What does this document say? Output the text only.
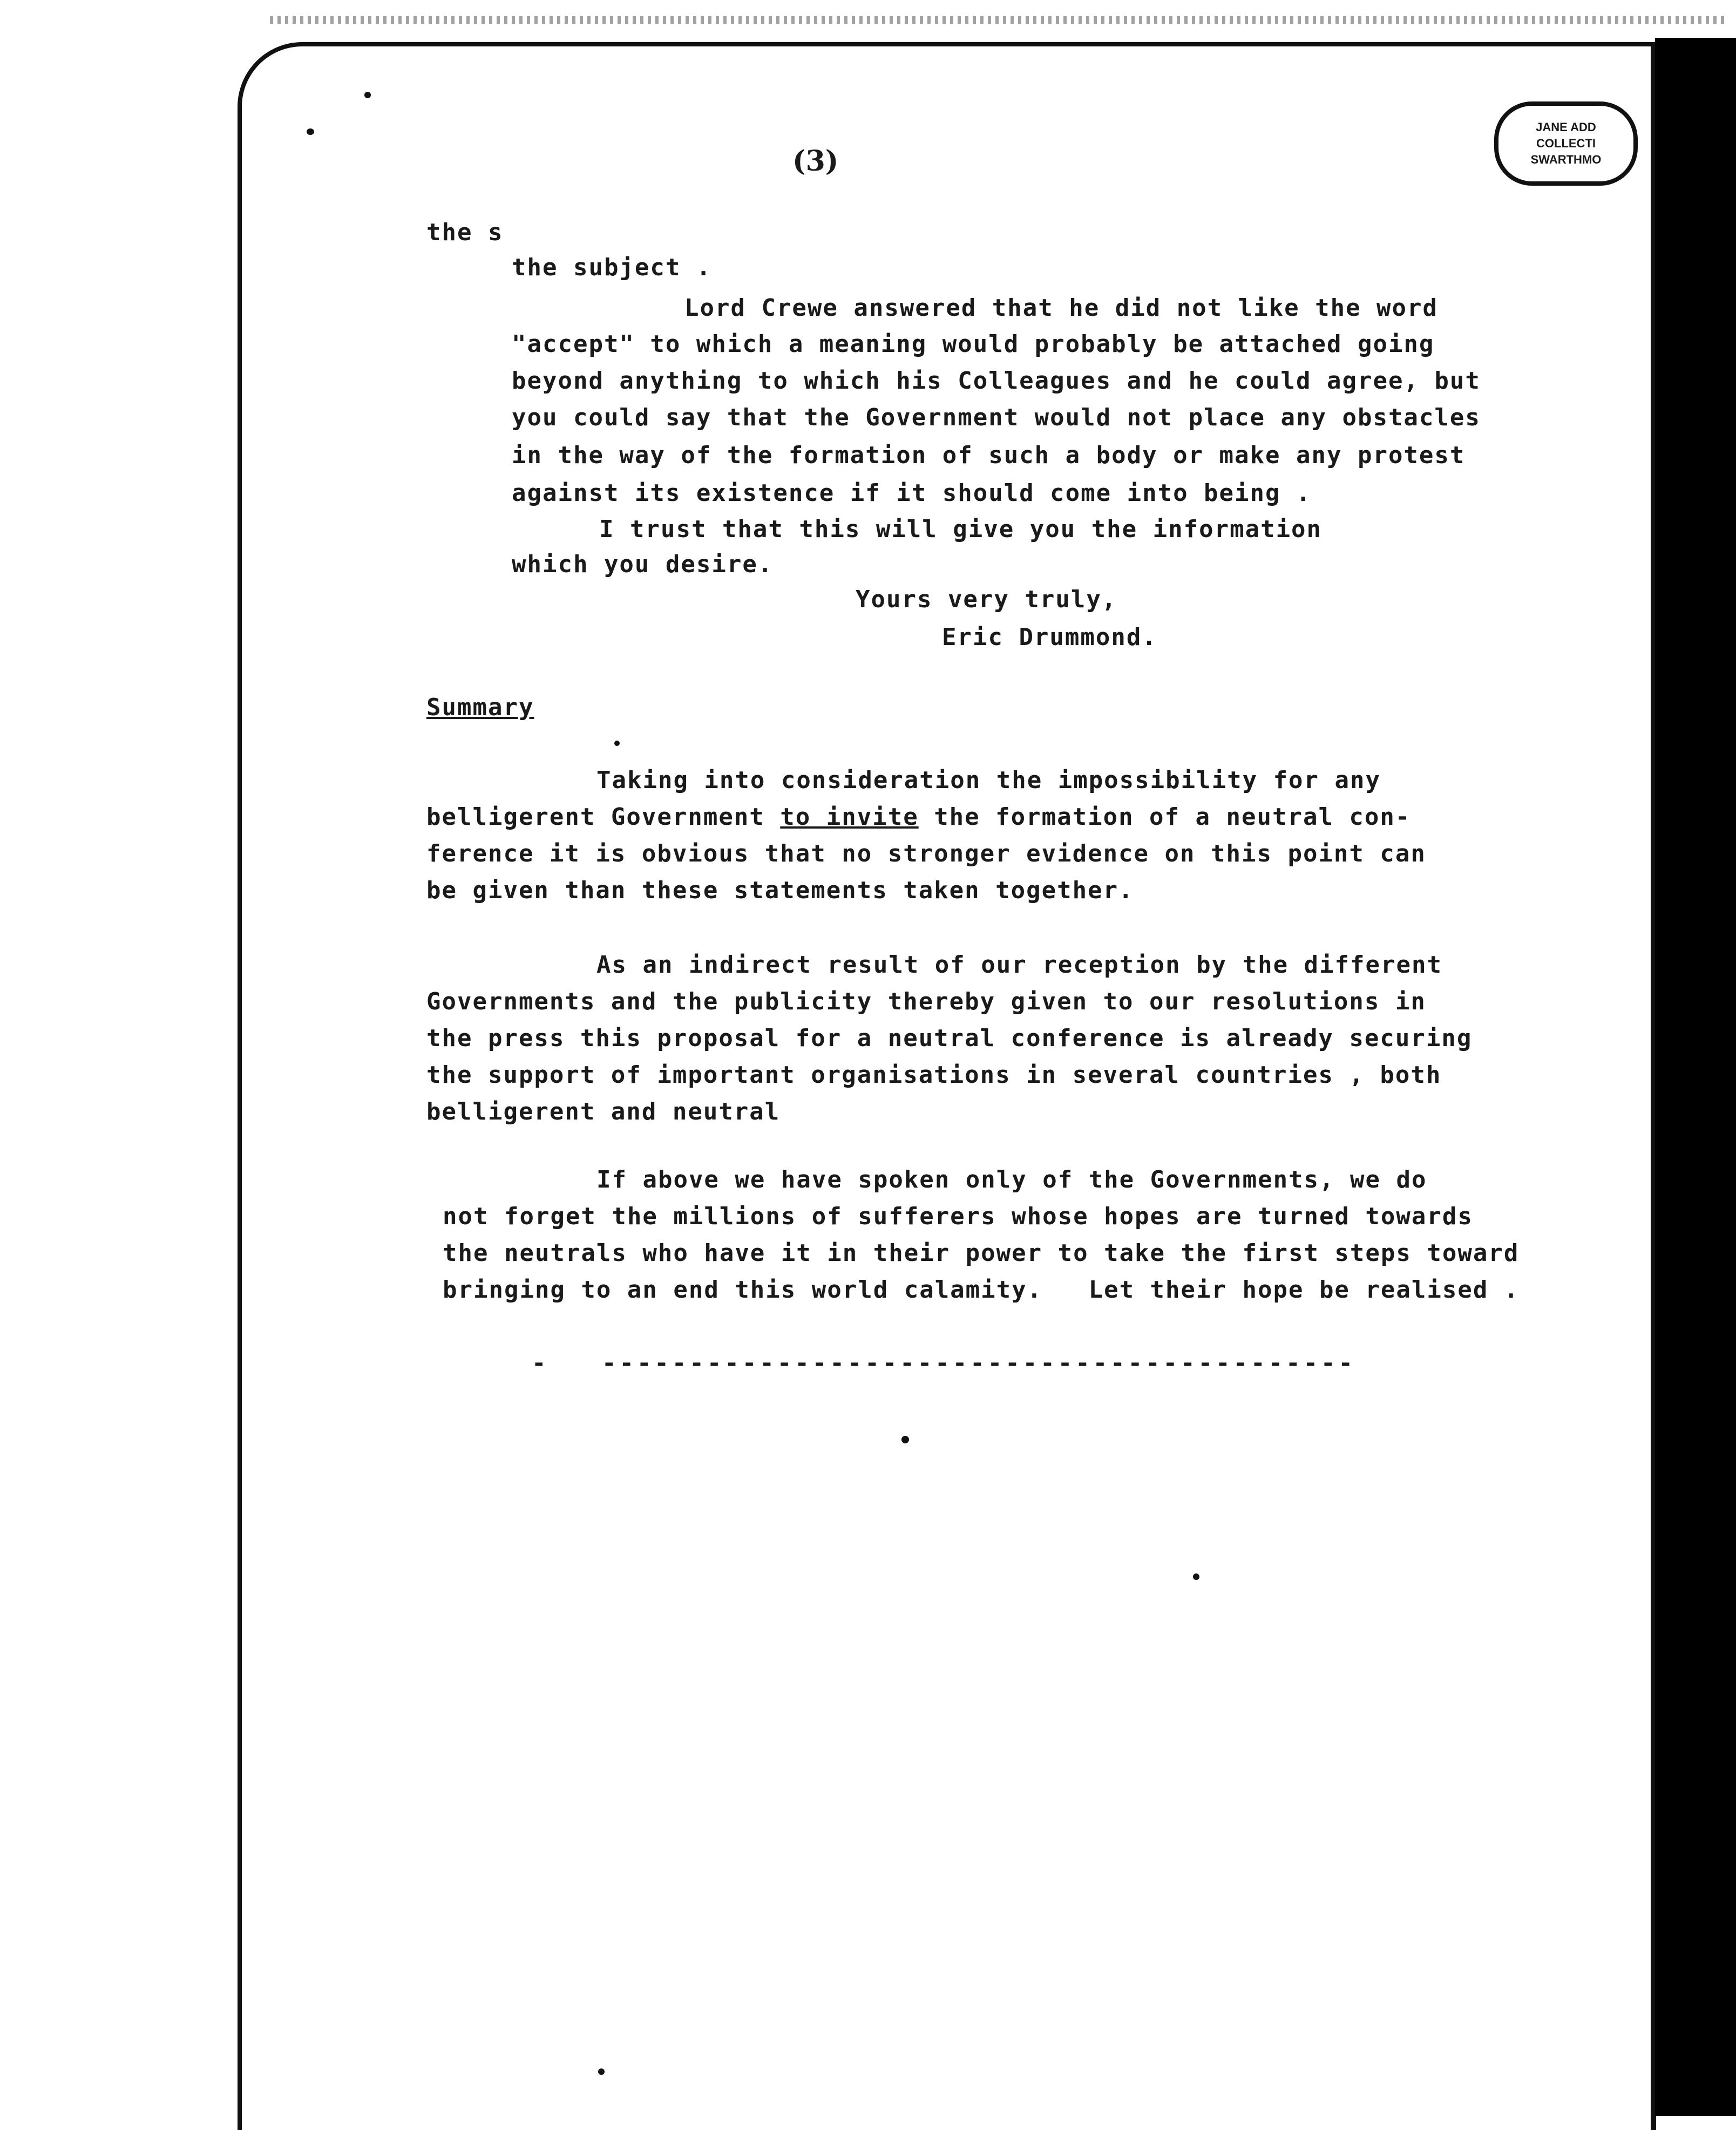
JANE ADD
COLLECTI
SWARTHMO
(3)
the s
the subject .
Lord Crewe answered that he did not like the word
"accept" to which a meaning would probably be attached going
beyond anything to which his Colleagues and he could agree, but
you could say that the Government would not place any obstacles
in the way of the formation of such a body or make any protest
against its existence if it should come into being .
I trust that this will give you the information
which you desire.
Yours very truly,
Eric Drummond.
Summary
Taking into consideration the impossibility for any
belligerent Government to invite the formation of a neutral con-
ference it is obvious that no stronger evidence on this point can
be given than these statements taken together.
As an indirect result of our reception by the different
Governments and the publicity thereby given to our resolutions in
the press this proposal for a neutral conference is already securing
the support of important organisations in several countries , both
belligerent and neutral
If above we have spoken only of the Governments, we do
not forget the millions of sufferers whose hopes are turned towards
the neutrals who have it in their power to take the first steps toward
bringing to an end this world calamity.   Let their hope be realised .
-   -------------------------------------------
